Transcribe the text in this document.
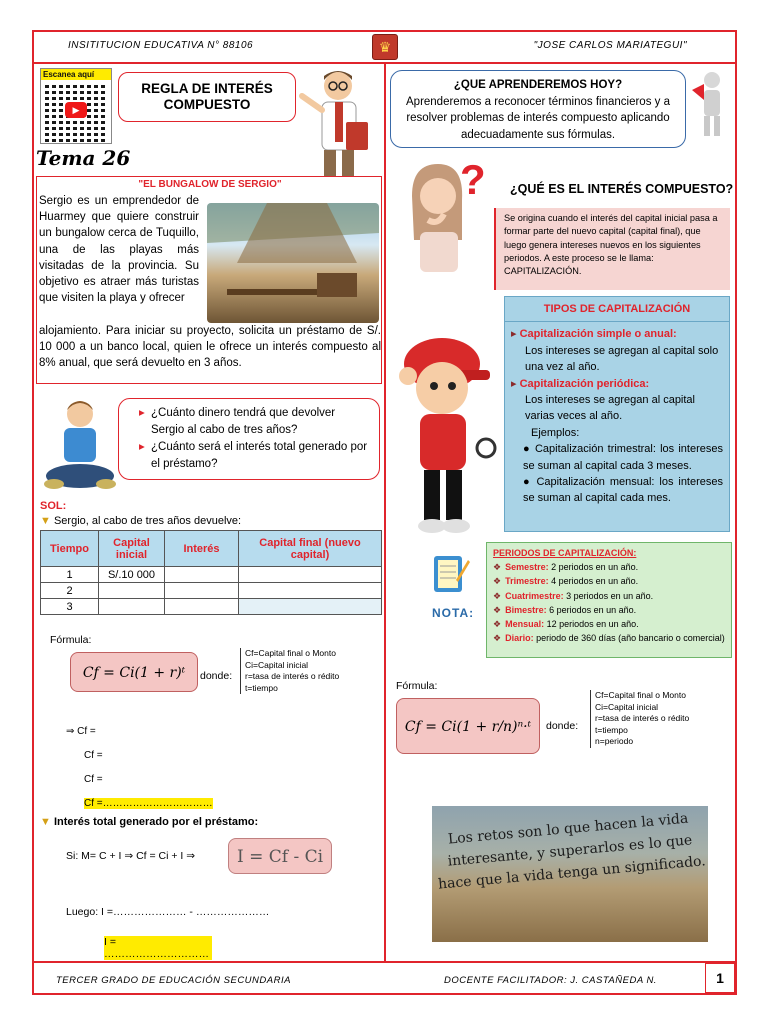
INSITITUCION EDUCATIVA N° 88106	♛	"JOSE CARLOS MARIATEGUI"
Escanea aquí
▶
Tema 26
REGLA DE INTERÉS COMPUESTO
"EL BUNGALOW DE SERGIO"
Sergio es un emprendedor de Huarmey que quiere construir un bungalow cerca de Tuquillo, una de las playas más visitadas de la provincia. Su objetivo es atraer más turistas que visiten la playa y ofrecer
alojamiento. Para iniciar su proyecto, solicita un préstamo de S/. 10 000 a un banco local, quien le ofrece un interés compuesto al 8% anual, que será devuelto en 3 años.
▸ ¿Cuánto dinero tendrá que devolver Sergio al cabo de tres años?
▸ ¿Cuánto será el interés total generado por el préstamo?
SOL:
▼ Sergio, al cabo de tres años devuelve:
Tiempo	Capital inicial	Interés	Capital final (nuevo capital)
1	S/.10 000		
2			
3			
Fórmula:
Cf = Ci(1 + r)ᵗ	donde:
Cf=Capital final o Monto
Ci=Capital inicial
r=tasa de interés o rédito
t=tiempo
⇒ Cf =
Cf =
Cf =
Cf =……………………………
▼ Interés total generado por el préstamo:
Si: M= C + I ⇒ Cf = Ci + I ⇒	I = Cf - Ci
Luego: I =………………… - …………………
I = …………………………
¿QUE APRENDEREMOS HOY?
Aprenderemos a reconocer términos financieros y a resolver problemas de interés compuesto aplicando adecuadamente sus fórmulas.
? ¿QUÉ ES EL INTERÉS COMPUESTO?
Se origina cuando el interés del capital inicial pasa a formar parte del nuevo capital (capital final), que luego genera intereses nuevos en los siguientes periodos. A este proceso se le llama: CAPITALIZACIÓN.
TIPOS DE CAPITALIZACIÓN
▸ Capitalización simple o anual:
Los intereses se agregan al capital solo una vez al año.
▸ Capitalización periódica:
Los intereses se agregan al capital varias veces al año.
Ejemplos:
● Capitalización trimestral: los intereses se suman al capital cada 3 meses.
● Capitalización mensual: los intereses se suman al capital cada mes.
NOTA:
PERIODOS DE CAPITALIZACIÓN:
❖ Semestre: 2 periodos en un año.
❖ Trimestre: 4 periodos en un año.
❖ Cuatrimestre: 3 periodos en un año.
❖ Bimestre: 6 periodos en un año.
❖ Mensual: 12 periodos en un año.
❖ Diario: periodo de 360 días (año bancario o comercial)
Fórmula:
Cf = Ci(1 + r/n)ⁿ·ᵗ	donde:
Cf=Capital final o Monto
Ci=Capital inicial
r=tasa de interés o rédito
t=tiempo
n=periodo
Los retos son lo que hacen la vida interesante, y superarlos es lo que hace que la vida tenga un significado.
TERCER GRADO DE EDUCACIÓN SECUNDARIA	DOCENTE FACILITADOR: J. CASTAÑEDA N.	1
